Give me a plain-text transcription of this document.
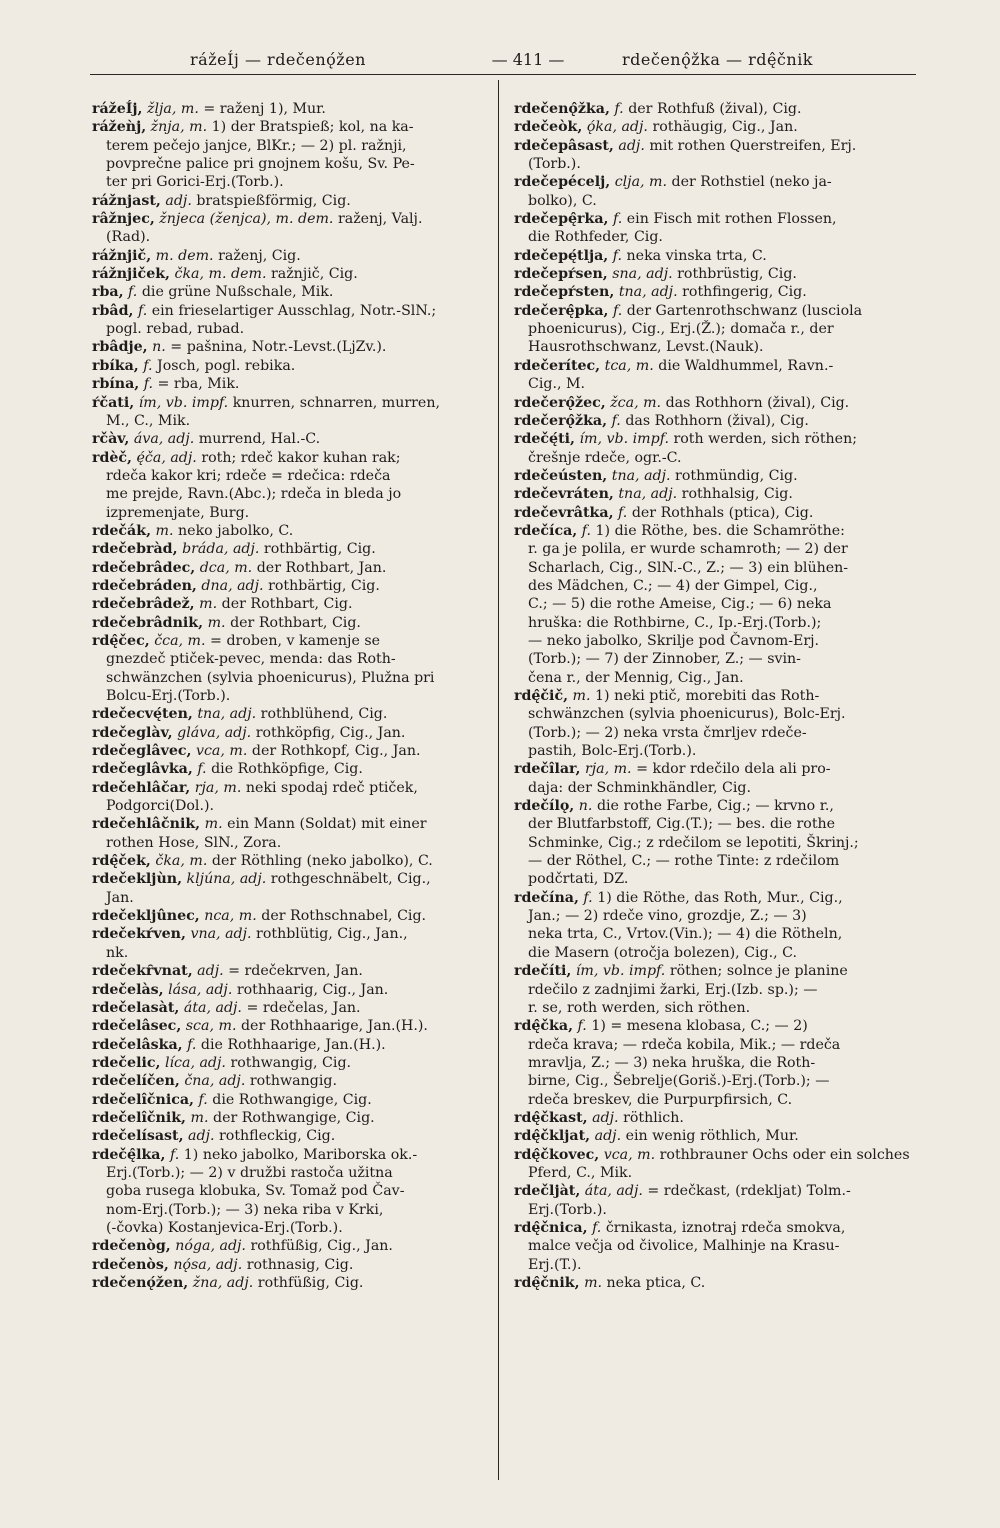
rážeÍj — rdečenǫ́žen	— 411 —	rdečenǫ̂žka — rdę̂čnik
rážeÍj, žlja, m. = raženj 1), Mur.
rážeǹj, žnja, m. 1) der Bratspieß; kol, na ka-
terem pečejo janjce, BlKr.; — 2) pl. ražnji,
povprečne palice pri gnojnem košu, Sv. Pe-
ter pri Gorici-Erj.(Torb.).
rážnjast, adj. bratspießförmig, Cig.
râžnjec, žnjeca (ženjca), m. dem. raženj, Valj.
(Rad).
rážnjič, m. dem. raženj, Cig.
rážnjiček, čka, m. dem. ražnjič, Cig.
rba, f. die grüne Nußschale, Mik.
rbâd, f. ein frieselartiger Ausschlag, Notr.-SlN.;
pogl. rebad, rubad.
rbâdje, n. = pašnina, Notr.-Levst.(LjZv.).
rbíka, f. Josch, pogl. rebika.
rbína, f. = rba, Mik.
ŕčati, ím, vb. impf. knurren, schnarren, murren,
M., C., Mik.
rčàv, áva, adj. murrend, Hal.-C.
rdèč, ę́ča, adj. roth; rdeč kakor kuhan rak;
rdeča kakor kri; rdeče = rdečica: rdeča
me prejde, Ravn.(Abc.); rdeča in bleda jo
izpremenjate, Burg.
rdečák, m. neko jabolko, C.
rdečebràd, bráda, adj. rothbärtig, Cig.
rdečebrâdec, dca, m. der Rothbart, Jan.
rdečebráden, dna, adj. rothbärtig, Cig.
rdečebrâdež, m. der Rothbart, Cig.
rdečebrâdnik, m. der Rothbart, Cig.
rdę̂čec, čca, m. = droben, v kamenje se
gnezdeč ptiček-pevec, menda: das Roth-
schwänzchen (sylvia phoenicurus), Plužna pri
Bolcu-Erj.(Torb.).
rdečecvę́ten, tna, adj. rothblühend, Cig.
rdečeglàv, gláva, adj. rothköpfig, Cig., Jan.
rdečeglâvec, vca, m. der Rothkopf, Cig., Jan.
rdečeglâvka, f. die Rothköpfige, Cig.
rdečehlâčar, rja, m. neki spodaj rdeč ptiček,
Podgorci(Dol.).
rdečehlâčnik, m. ein Mann (Soldat) mit einer
rothen Hose, SlN., Zora.
rdę̂ček, čka, m. der Röthling (neko jabolko), C.
rdečekljùn, kljúna, adj. rothgeschnäbelt, Cig.,
Jan.
rdečekljûnec, nca, m. der Rothschnabel, Cig.
rdečekŕven, vna, adj. rothblütig, Cig., Jan.,
nk.
rdečekȓvnat, adj. = rdečekrven, Jan.
rdečelàs, lása, adj. rothhaarig, Cig., Jan.
rdečelasàt, áta, adj. = rdečelas, Jan.
rdečelâsec, sca, m. der Rothhaarige, Jan.(H.).
rdečelâska, f. die Rothhaarige, Jan.(H.).
rdečelic, líca, adj. rothwangig, Cig.
rdečelíčen, čna, adj. rothwangig.
rdečelîčnica, f. die Rothwangige, Cig.
rdečelîčnik, m. der Rothwangige, Cig.
rdečelísast, adj. rothfleckig, Cig.
rdečę̂lka, f. 1) neko jabolko, Mariborska ok.-
Erj.(Torb.); — 2) v družbi rastoča užitna
goba rusega klobuka, Sv. Tomaž pod Čav-
nom-Erj.(Torb.); — 3) neka riba v Krki,
(-čovka) Kostanjevica-Erj.(Torb.).
rdečenòg, nóga, adj. rothfüßig, Cig., Jan.
rdečenòs, nǫ́sa, adj. rothnasig, Cig.
rdečenǫ́žen, žna, adj. rothfüßig, Cig.
rdečenǫ̂žka, f. der Rothfuß (žival), Cig.
rdečeòk, ǫ́ka, adj. rothäugig, Cig., Jan.
rdečepâsast, adj. mit rothen Querstreifen, Erj.
(Torb.).
rdečepécelj, clja, m. der Rothstiel (neko ja-
bolko), C.
rdečepę̂rka, f. ein Fisch mit rothen Flossen,
die Rothfeder, Cig.
rdečepę́tlja, f. neka vinska trta, C.
rdečepŕsen, sna, adj. rothbrüstig, Cig.
rdečepŕsten, tna, adj. rothfingerig, Cig.
rdečerę̂pka, f. der Gartenrothschwanz (lusciola
phoenicurus), Cig., Erj.(Ž.); domača r., der
Hausrothschwanz, Levst.(Nauk).
rdečerítec, tca, m. die Waldhummel, Ravn.-
Cig., M.
rdečerǫ̂žec, žca, m. das Rothhorn (žival), Cig.
rdečerǫ̂žka, f. das Rothhorn (žival), Cig.
rdečę́ti, ím, vb. impf. roth werden, sich röthen;
črešnje rdeče, ogr.-C.
rdečeústen, tna, adj. rothmündig, Cig.
rdečevráten, tna, adj. rothhalsig, Cig.
rdečevrâtka, f. der Rothhals (ptica), Cig.
rdečíca, f. 1) die Röthe, bes. die Schamröthe:
r. ga je polila, er wurde schamroth; — 2) der
Scharlach, Cig., SlN.-C., Z.; — 3) ein blühen-
des Mädchen, C.; — 4) der Gimpel, Cig.,
C.; — 5) die rothe Ameise, Cig.; — 6) neka
hruška: die Rothbirne, C., Ip.-Erj.(Torb.);
— neko jabolko, Skrilje pod Čavnom-Erj.
(Torb.); — 7) der Zinnober, Z.; — svin-
čena r., der Mennig, Cig., Jan.
rdę̂čič, m. 1) neki ptič, morebiti das Roth-
schwänzchen (sylvia phoenicurus), Bolc-Erj.
(Torb.); — 2) neka vrsta čmrljev rdeče-
pastih, Bolc-Erj.(Torb.).
rdečîlar, rja, m. = kdor rdečilo dela ali pro-
daja: der Schminkhändler, Cig.
rdečílǫ, n. die rothe Farbe, Cig.; — krvno r.,
der Blutfarbstoff, Cig.(T.); — bes. die rothe
Schminke, Cig.; z rdečilom se lepotiti, Škrinj.;
— der Röthel, C.; — rothe Tinte: z rdečilom
podčrtati, DZ.
rdečína, f. 1) die Röthe, das Roth, Mur., Cig.,
Jan.; — 2) rdeče vino, grozdje, Z.; — 3)
neka trta, C., Vrtov.(Vin.); — 4) die Rötheln,
die Masern (otročja bolezen), Cig., C.
rdečíti, ím, vb. impf. röthen; solnce je planine
rdečilo z zadnjimi žarki, Erj.(Izb. sp.); —
r. se, roth werden, sich röthen.
rdę̂čka, f. 1) = mesena klobasa, C.; — 2)
rdeča krava; — rdeča kobila, Mik.; — rdeča
mravlja, Z.; — 3) neka hruška, die Roth-
birne, Cig., Šebrelje(Goriš.)-Erj.(Torb.); —
rdeča breskev, die Purpurpfirsich, C.
rdę̂čkast, adj. röthlich.
rdę̂čkljat, adj. ein wenig röthlich, Mur.
rdę̂čkovec, vca, m. rothbrauner Ochs oder ein solches
Pferd, C., Mik.
rdečljàt, áta, adj. = rdečkast, (rdekljat) Tolm.-
Erj.(Torb.).
rdę̂čnica, f. črnikasta, iznotraj rdeča smokva,
malce večja od čivolice, Malhinje na Krasu-
Erj.(T.).
rdę̂čnik, m. neka ptica, C.
